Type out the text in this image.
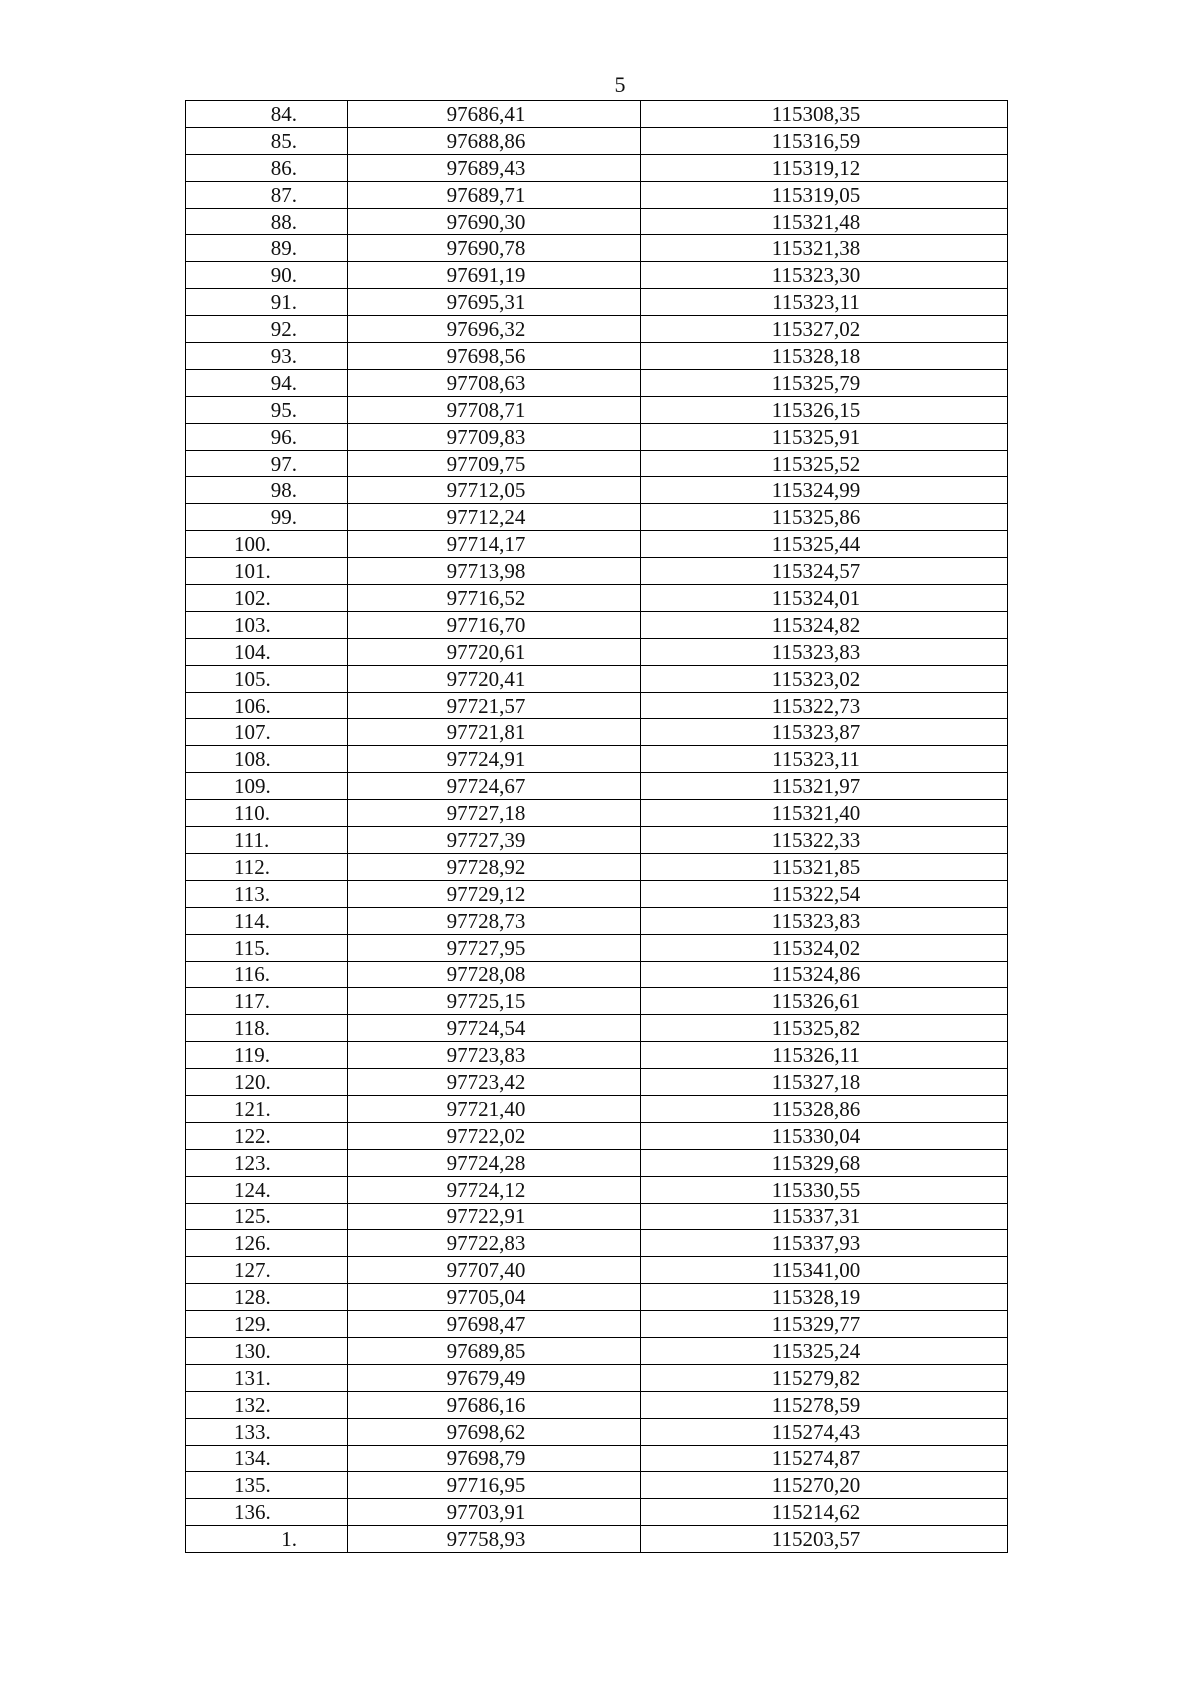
5
84.	97686,41	115308,35
85.	97688,86	115316,59
86.	97689,43	115319,12
87.	97689,71	115319,05
88.	97690,30	115321,48
89.	97690,78	115321,38
90.	97691,19	115323,30
91.	97695,31	115323,11
92.	97696,32	115327,02
93.	97698,56	115328,18
94.	97708,63	115325,79
95.	97708,71	115326,15
96.	97709,83	115325,91
97.	97709,75	115325,52
98.	97712,05	115324,99
99.	97712,24	115325,86
100.	97714,17	115325,44
101.	97713,98	115324,57
102.	97716,52	115324,01
103.	97716,70	115324,82
104.	97720,61	115323,83
105.	97720,41	115323,02
106.	97721,57	115322,73
107.	97721,81	115323,87
108.	97724,91	115323,11
109.	97724,67	115321,97
110.	97727,18	115321,40
111.	97727,39	115322,33
112.	97728,92	115321,85
113.	97729,12	115322,54
114.	97728,73	115323,83
115.	97727,95	115324,02
116.	97728,08	115324,86
117.	97725,15	115326,61
118.	97724,54	115325,82
119.	97723,83	115326,11
120.	97723,42	115327,18
121.	97721,40	115328,86
122.	97722,02	115330,04
123.	97724,28	115329,68
124.	97724,12	115330,55
125.	97722,91	115337,31
126.	97722,83	115337,93
127.	97707,40	115341,00
128.	97705,04	115328,19
129.	97698,47	115329,77
130.	97689,85	115325,24
131.	97679,49	115279,82
132.	97686,16	115278,59
133.	97698,62	115274,43
134.	97698,79	115274,87
135.	97716,95	115270,20
136.	97703,91	115214,62
1.	97758,93	115203,57
